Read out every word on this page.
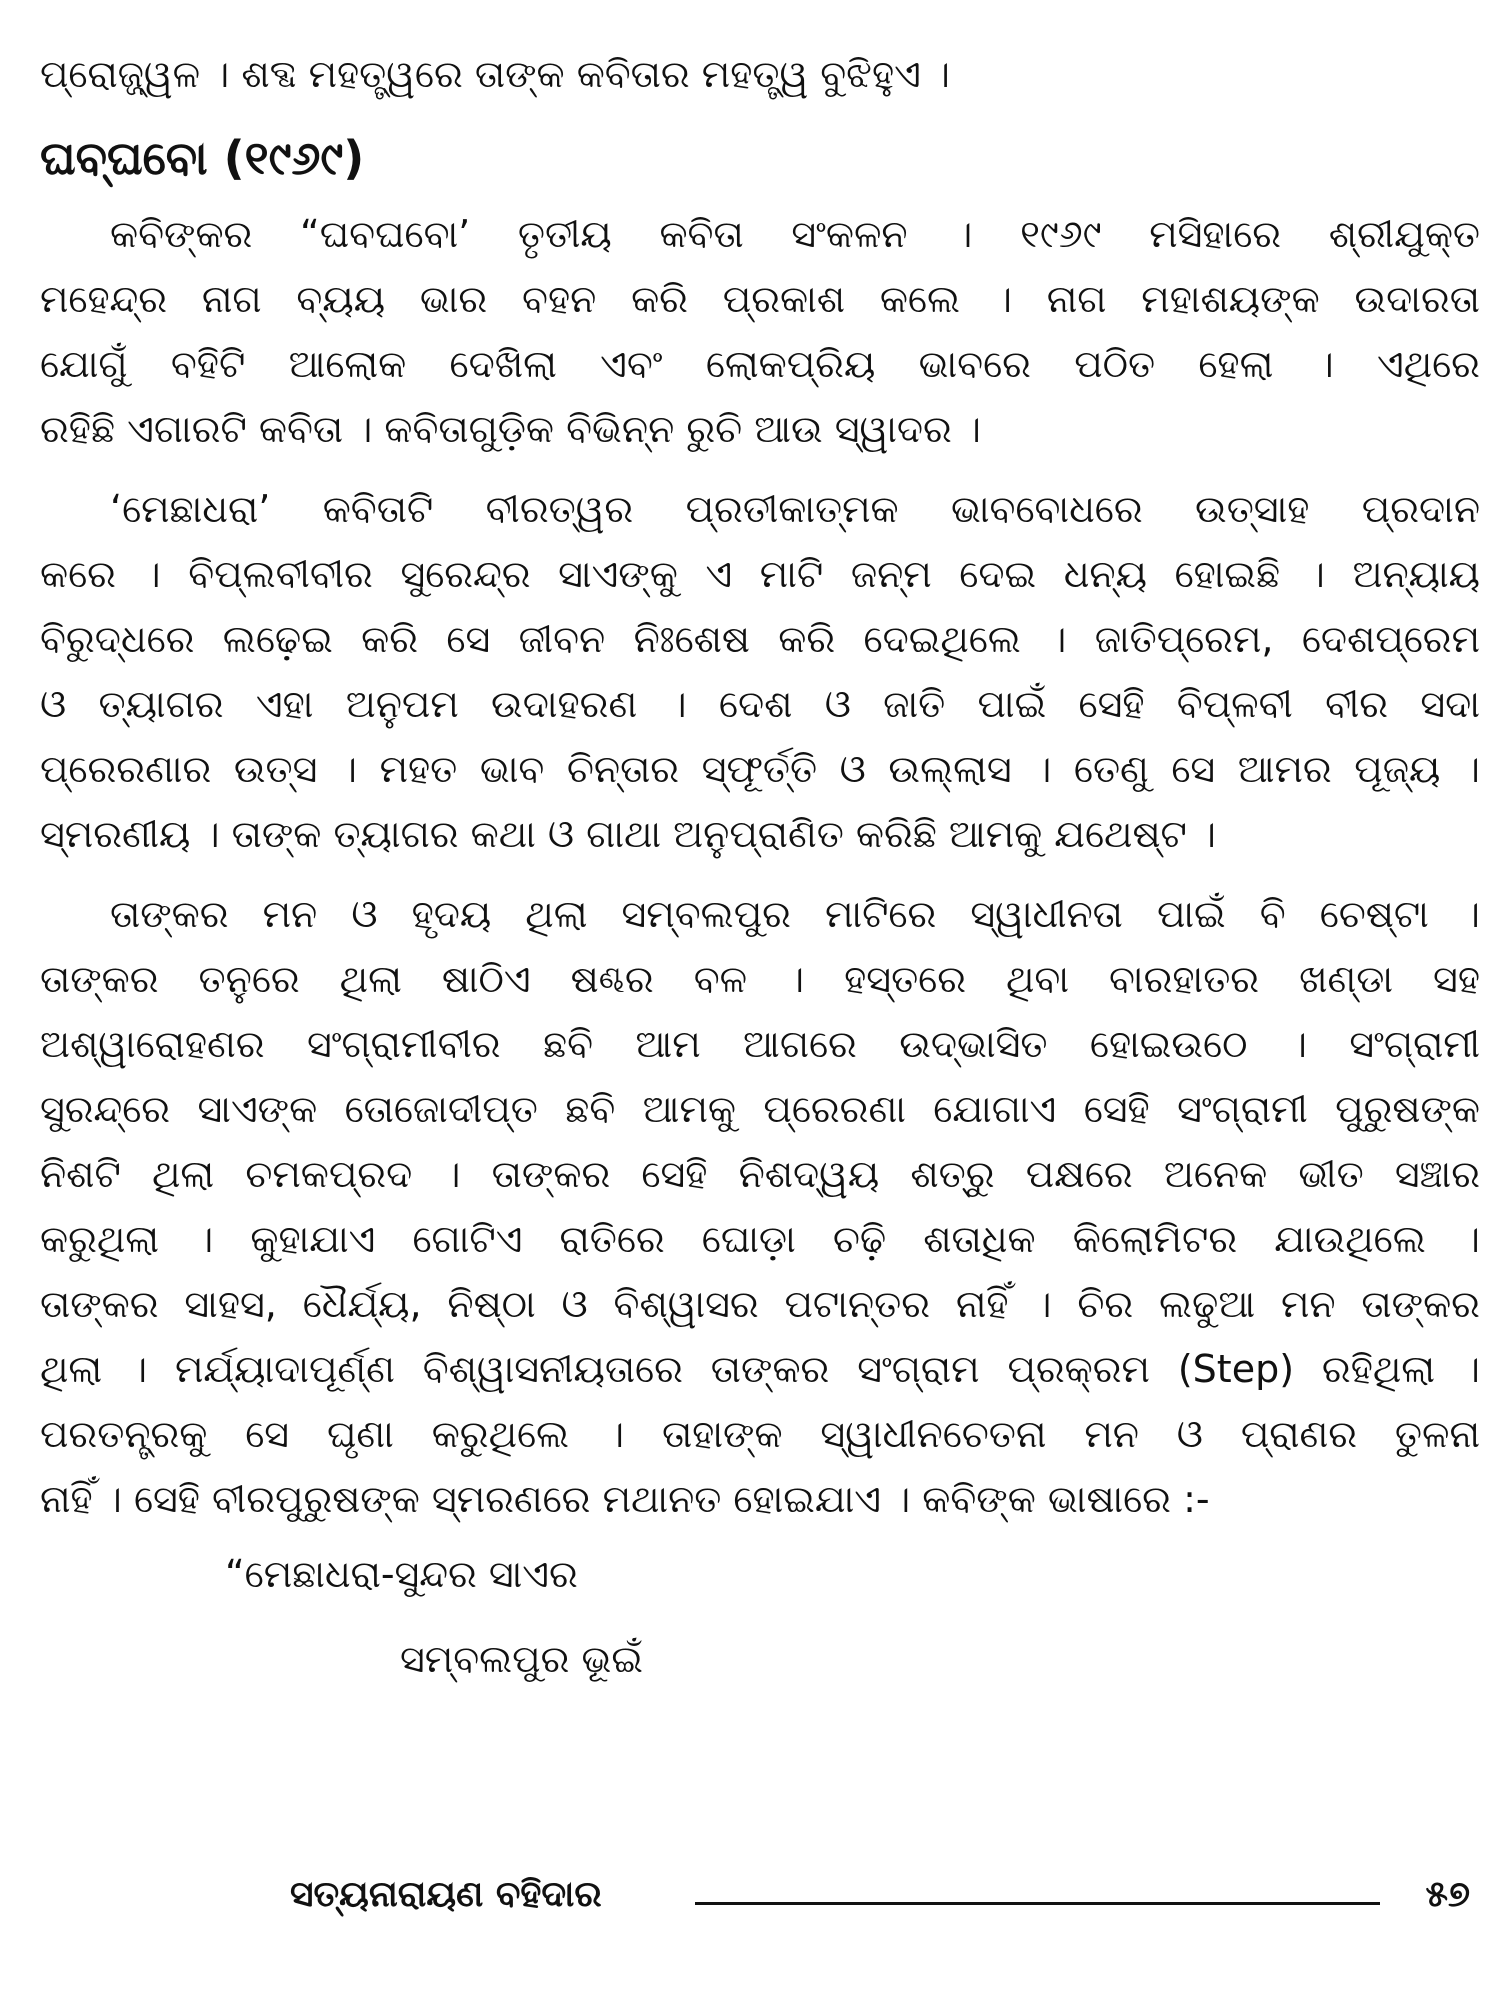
ପ୍ରୋଜ୍ଜ୍ୱଳ । ଶବ୍ଦ ମହତ୍ତ୍ୱରେ ତାଙ୍କ କବିତାର ମହତ୍ତ୍ୱ ବୁଝିହୁଏ ।
ଘବ୍‌ଘବୋ (୧୯୬୯)
କବିଙ୍କର “ଘବଘବୋ’ ତୃତୀୟ କବିତା ସଂକଳନ । ୧୯୬୯ ମସିହାରେ ଶ୍ରୀଯୁକ୍ତ
ମହେନ୍ଦ୍ର ନାଗ ବ୍ୟୟ ଭାର ବହନ କରି ପ୍ରକାଶ କଲେ । ନାଗ ମହାଶୟଙ୍କ ଉଦାରତା
ଯୋଗୁଁ ବହିଟି ଆଲୋକ ଦେଖିଲା ଏବଂ ଲୋକପ୍ରିୟ ଭାବରେ ପଠିତ ହେଲା । ଏଥିରେ
ରହିଛି ଏଗାରଟି କବିତା । କବିତାଗୁଡ଼ିକ ବିଭିନ୍ନ ରୁଚି ଆଉ ସ୍ୱାଦର ।
‘ମେଛାଧରା’ କବିତାଟି ବୀରତ୍ୱର ପ୍ରତୀକାତ୍ମକ ଭାବବୋଧରେ ଉତ୍ସାହ ପ୍ରଦାନ
କରେ । ବିପ୍ଲବୀବୀର ସୁରେନ୍ଦ୍ର ସାଏଙ୍କୁ ଏ ମାଟି ଜନ୍ମ ଦେଇ ଧନ୍ୟ ହୋଇଛି । ଅନ୍ୟାୟ
ବିରୁଦ୍ଧରେ ଲଢ଼େଇ କରି ସେ ଜୀବନ ନିଃଶେଷ କରି ଦେଇଥିଲେ । ଜାତିପ୍ରେମ, ଦେଶପ୍ରେମ
ଓ ତ୍ୟାଗର ଏହା ଅନୁପମ ଉଦାହରଣ । ଦେଶ ଓ ଜାତି ପାଇଁ ସେହି ବିପ୍ଳବୀ ବୀର ସଦା
ପ୍ରେରଣାର ଉତ୍ସ । ମହତ ଭାବ ଚିନ୍ତାର ସ୍ଫୂର୍ତ୍ତି ଓ ଉଲ୍ଲାସ । ତେଣୁ ସେ ଆମର ପୂଜ୍ୟ ।
ସ୍ମରଣୀୟ । ତାଙ୍କ ତ୍ୟାଗର କଥା ଓ ଗାଥା ଅନୁପ୍ରାଣିତ କରିଛି ଆମକୁ ଯଥେଷ୍ଟ ।
ତାଙ୍କର ମନ ଓ ହୃଦୟ ଥିଲା ସମ୍ବଲପୁର ମାଟିରେ ସ୍ୱାଧୀନତା ପାଇଁ ବି ଚେଷ୍ଟା ।
ତାଙ୍କର ତନୁରେ ଥିଲା ଷାଠିଏ ଷଣ୍ଢର ବଳ । ହସ୍ତରେ ଥିବା ବାରହାତର ଖଣ୍ଡା ସହ
ଅଶ୍ୱାରୋହଣର ସଂଗ୍ରାମୀବୀର ଛବି ଆମ ଆଗରେ ଉଦ୍‌ଭାସିତ ହୋଇଉଠେ । ସଂଗ୍ରାମୀ
ସୁରନ୍ଦ୍ରେ ସାଏଙ୍କ ତୋଜୋଦୀପ୍ତ ଛବି ଆମକୁ ପ୍ରେରଣା ଯୋଗାଏ ସେହି ସଂଗ୍ରାମୀ ପୁରୁଷଙ୍କ
ନିଶଟି ଥିଲା ଚମକପ୍ରଦ । ତାଙ୍କର ସେହି ନିଶଦ୍ୱୟ ଶତ୍ରୁ ପକ୍ଷରେ ଅନେକ ଭୀତ ସଞ୍ଚାର
କରୁଥିଲା । କୁହାଯାଏ ଗୋଟିଏ ରାତିରେ ଘୋଡ଼ା ଚଢ଼ି ଶତାଧିକ କିଲୋମିଟର ଯାଉଥିଲେ ।
ତାଙ୍କର ସାହସ, ଧୈର୍ଯ୍ୟ, ନିଷ୍ଠା ଓ ବିଶ୍ୱାସର ପଟାନ୍ତର ନାହିଁ । ଚିର ଲଢୁଆ ମନ ତାଙ୍କର
ଥିଲା । ମର୍ଯ୍ୟାଦାପୂର୍ଣ୍ଣ ବିଶ୍ୱାସନୀୟତାରେ ତାଙ୍କର ସଂଗ୍ରାମ ପ୍ରକ୍ରମ (Step) ରହିଥିଲା ।
ପରତନ୍ତ୍ରକୁ ସେ ଘୃଣା କରୁଥିଲେ । ତାହାଙ୍କ ସ୍ୱାଧୀନଚେତନା ମନ ଓ ପ୍ରାଣର ତୁଳନା
ନାହିଁ । ସେହି ବୀରପୁରୁଷଙ୍କ ସ୍ମରଣରେ ମଥାନତ ହୋଇଯାଏ । କବିଙ୍କ ଭାଷାରେ :-
“ମେଛାଧରା-ସୁନ୍ଦର ସାଏର
ସମ୍ବଲପୁର ଭୂଇଁ
ସତ୍ୟନାରାୟଣ ବହିଦାର	୫୭
